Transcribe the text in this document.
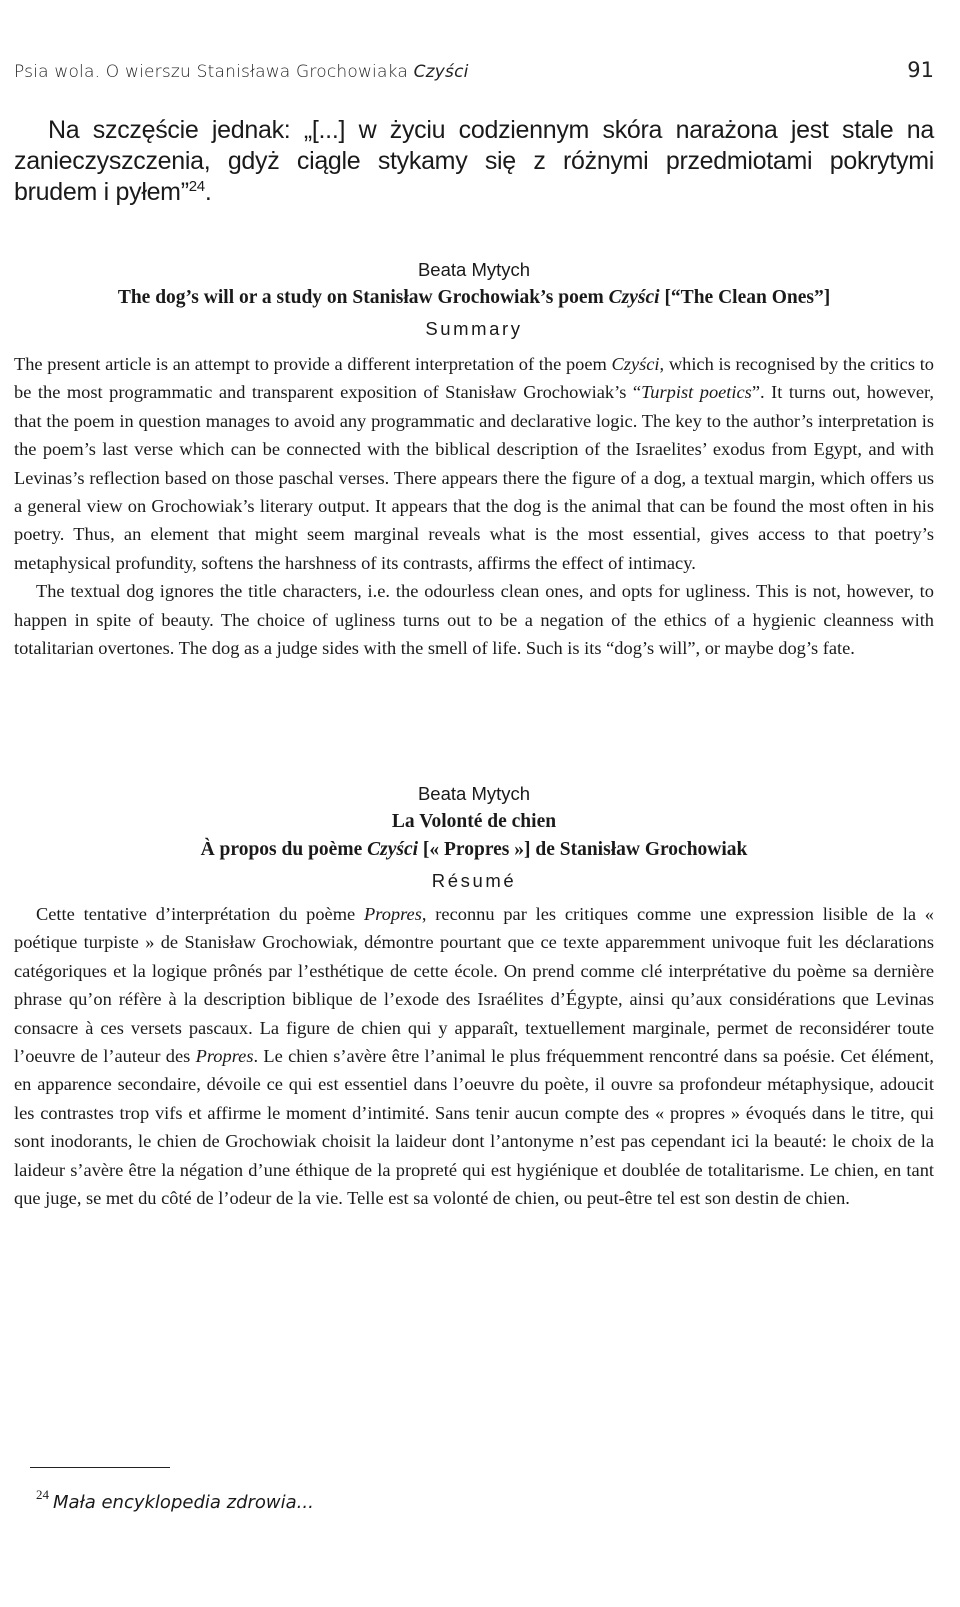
Psia wola. O wierszu Stanisława Grochowiaka Czyści	91
Na szczęście jednak: „[...] w życiu codziennym skóra narażona jest stale na zanieczyszczenia, gdyż ciągle stykamy się z różnymi przedmiotami pokrytymi brudem i pyłem”$^{24}$.
Beata Mytych
The dog’s will or a study on Stanisław Grochowiak’s poem Czyści [“The Clean Ones”]
Summary

The present article is an attempt to provide a different interpretation of the poem Czyści, which is recognised by the critics to be the most programmatic and transparent exposition of Stanisław Grochowiak’s “Turpist poetics”. It turns out, however, that the poem in question manages to avoid any programmatic and declarative logic. The key to the author’s interpretation is the poem’s last verse which can be connected with the biblical description of the Israelites’ exodus from Egypt, and with Levinas’s reflection based on those paschal verses. There appears there the figure of a dog, a textual margin, which offers us a general view on Grochowiak’s literary output. It appears that the dog is the animal that can be found the most often in his poetry. Thus, an element that might seem marginal reveals what is the most essential, gives access to that poetry’s metaphysical profundity, softens the harshness of its contrasts, affirms the effect of intimacy.

The textual dog ignores the title characters, i.e. the odourless clean ones, and opts for ugliness. This is not, however, to happen in spite of beauty. The choice of ugliness turns out to be a negation of the ethics of a hygienic cleanness with totalitarian overtones. The dog as a judge sides with the smell of life. Such is its “dog’s will”, or maybe dog’s fate.

Beata Mytych
La Volonté de chien
À propos du poème Czyści [« Propres »] de Stanisław Grochowiak
Résumé

Cette tentative d’interprétation du poème Propres, reconnu par les critiques comme une expression lisible de la « poétique turpiste » de Stanisław Grochowiak, démontre pourtant que ce texte apparemment univoque fuit les déclarations catégoriques et la logique prônés par l’esthétique de cette école. On prend comme clé interprétative du poème sa dernière phrase qu’on réfère à la description biblique de l’exode des Israélites d’Égypte, ainsi qu’aux considérations que Levinas consacre à ces versets pascaux. La figure de chien qui y apparaît, textuellement marginale, permet de reconsidérer toute l’oeuvre de l’auteur des Propres. Le chien s’avère être l’animal le plus fréquemment rencontré dans sa poésie. Cet élément, en apparence secondaire, dévoile ce qui est essentiel dans l’oeuvre du poète, il ouvre sa profondeur métaphysique, adoucit les contrastes trop vifs et affirme le moment d’intimité. Sans tenir aucun compte des « propres » évoqués dans le titre, qui sont inodorants, le chien de Grochowiak choisit la laideur dont l’antonyme n’est pas cependant ici la beauté: le choix de la laideur s’avère être la négation d’une éthique de la propreté qui est hygiénique et doublée de totalitarisme. Le chien, en tant que juge, se met du côté de l’odeur de la vie. Telle est sa volonté de chien, ou peut-être tel est son destin de chien.

$^{24}$ Mała encyklopedia zdrowia...
